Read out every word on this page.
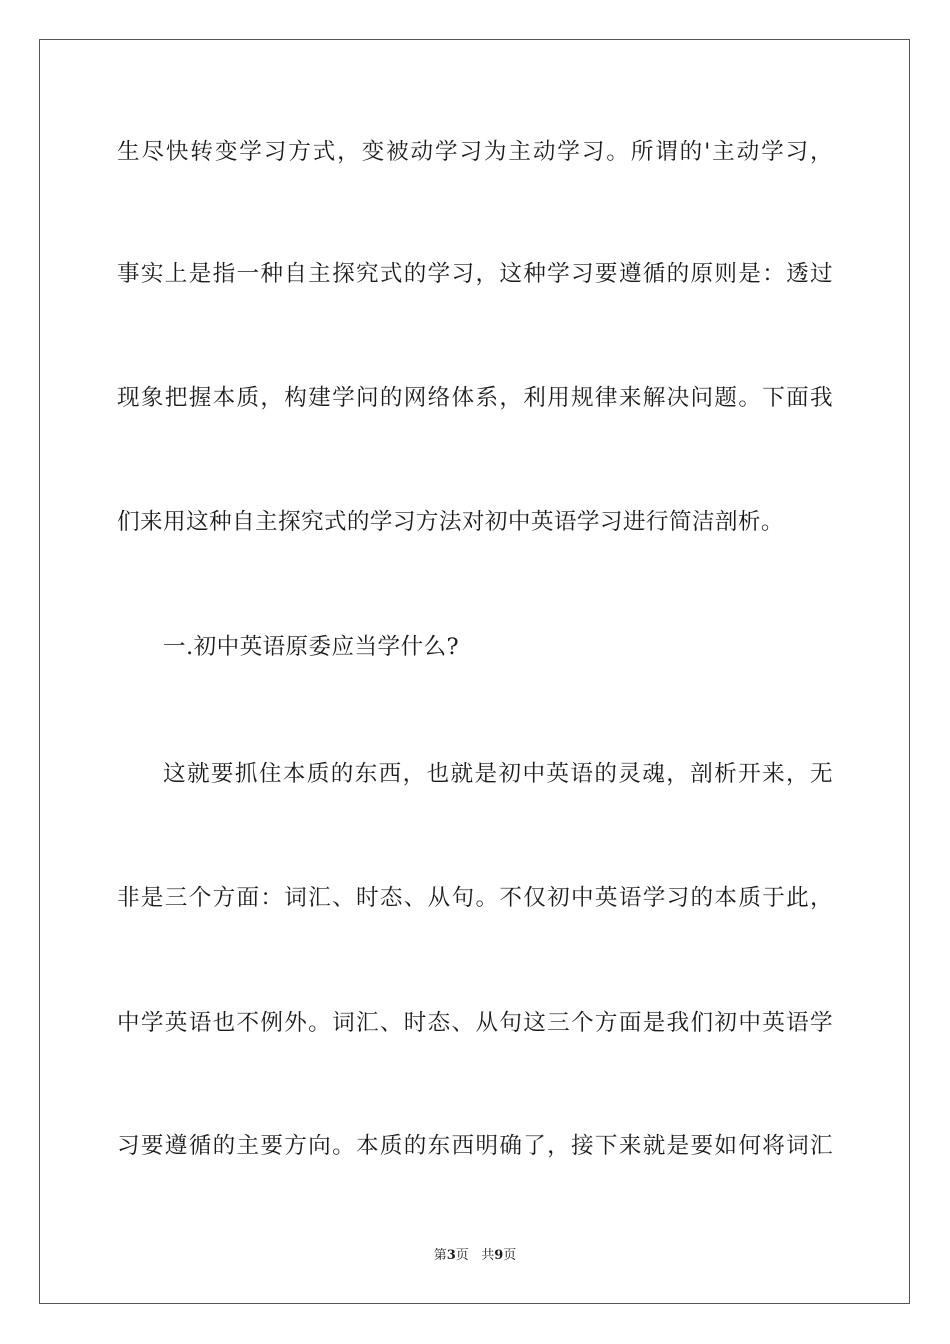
生尽快转变学习方式，变被动学习为主动学习。所谓的'主动学习，
事实上是指一种自主探究式的学习，这种学习要遵循的原则是：透过
现象把握本质，构建学问的网络体系，利用规律来解决问题。下面我
们来用这种自主探究式的学习方法对初中英语学习进行简洁剖析。
一.初中英语原委应当学什么?
这就要抓住本质的东西，也就是初中英语的灵魂，剖析开来，无
非是三个方面：词汇、时态、从句。不仅初中英语学习的本质于此，
中学英语也不例外。词汇、时态、从句这三个方面是我们初中英语学
习要遵循的主要方向。本质的东西明确了，接下来就是要如何将词汇
第3页 共9页
